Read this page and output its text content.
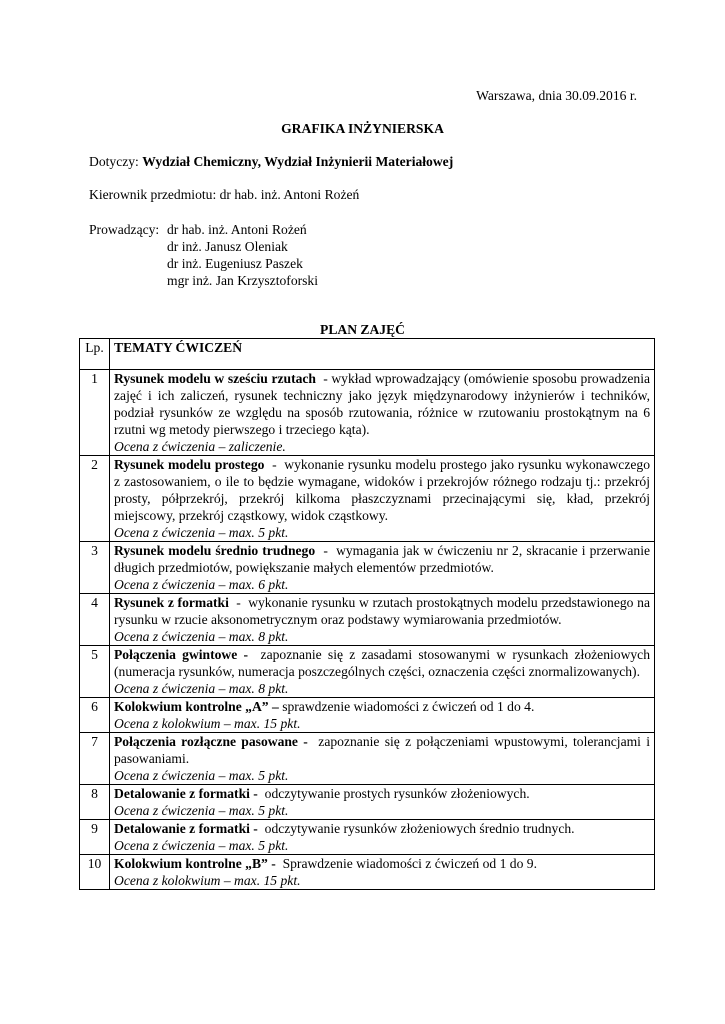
Warszawa, dnia 30.09.2016 r.
GRAFIKA INŻYNIERSKA
Dotyczy: Wydział Chemiczny, Wydział Inżynierii Materiałowej
Kierownik przedmiotu: dr hab. inż. Antoni Rożeń
Prowadzący: dr hab. inż. Antoni Rożeń
dr inż. Janusz Oleniak
dr inż. Eugeniusz Paszek
mgr inż. Jan Krzysztoforski
PLAN ZAJĘĆ
Lp.	TEMATY ĆWICZEŃ
1	Rysunek modelu w sześciu rzutach  - wykład wprowadzający (omówienie sposobu prowadzenia zajęć i ich zaliczeń, rysunek techniczny jako język międzynarodowy inżynierów i techników, podział rysunków ze względu na sposób rzutowania, różnice w rzutowaniu prostokątnym na 6 rzutni wg metody pierwszego i trzeciego kąta).
Ocena z ćwiczenia – zaliczenie.

2	Rysunek modelu prostego  -  wykonanie rysunku modelu prostego jako rysunku wykonawczego z zastosowaniem, o ile to będzie wymagane, widoków i przekrojów różnego rodzaju tj.: przekrój prosty, półprzekrój, przekrój kilkoma płaszczyznami przecinającymi się, kład, przekrój miejscowy, przekrój cząstkowy, widok cząstkowy.
Ocena z ćwiczenia – max. 5 pkt.

3	Rysunek modelu średnio trudnego  -  wymagania jak w ćwiczeniu nr 2, skracanie i przerwanie długich przedmiotów, powiększanie małych elementów przedmiotów.
Ocena z ćwiczenia – max. 6 pkt.

4	Rysunek z formatki  -  wykonanie rysunku w rzutach prostokątnych modelu przedstawionego na rysunku w rzucie aksonometrycznym oraz podstawy wymiarowania przedmiotów.
Ocena z ćwiczenia – max. 8 pkt.

5	Połączenia gwintowe -  zapoznanie się z zasadami stosowanymi w rysunkach złożeniowych (numeracja rysunków, numeracja poszczególnych części, oznaczenia części znormalizowanych).
Ocena z ćwiczenia – max. 8 pkt.

6	Kolokwium kontrolne „A” – sprawdzenie wiadomości z ćwiczeń od 1 do 4.
Ocena z kolokwium – max. 15 pkt.

7	Połączenia rozłączne pasowane -  zapoznanie się z połączeniami wpustowymi, tolerancjami i pasowaniami.
Ocena z ćwiczenia – max. 5 pkt.

8	Detalowanie z formatki -  odczytywanie prostych rysunków złożeniowych.
Ocena z ćwiczenia – max. 5 pkt.

9	Detalowanie z formatki -  odczytywanie rysunków złożeniowych średnio trudnych.
Ocena z ćwiczenia – max. 5 pkt.

10	Kolokwium kontrolne „B” -  Sprawdzenie wiadomości z ćwiczeń od 1 do 9.
Ocena z kolokwium – max. 15 pkt.
